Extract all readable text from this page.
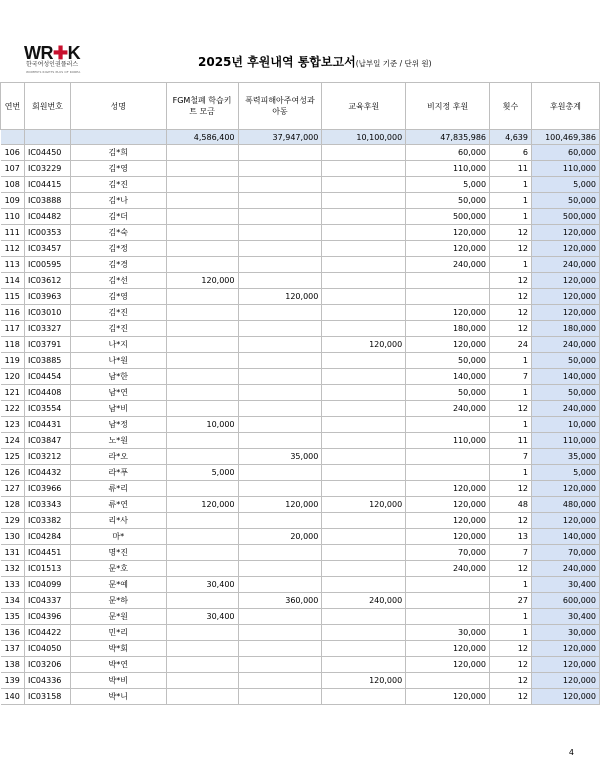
WR✚K
한국여성인권플러스
WOMEN'S RIGHTS PLUS OF KOREA
2025년 후원내역 통합보고서(납부일 기준 / 단위 원)
연번	회원번호	성명	FGM철폐 학습키트 모금	폭력피해아주여성과 아동	교육후원	비지정 후원	횟수	후원총계
			4,586,400	37,947,000	10,100,000	47,835,986	4,639	100,469,386
106	IC04450	김*희				60,000	6	60,000
107	IC03229	김*영				110,000	11	110,000
108	IC04415	김*진				5,000	1	5,000
109	IC03888	김*나				50,000	1	50,000
110	IC04482	김*더				500,000	1	500,000
111	IC00353	김*숙				120,000	12	120,000
112	IC03457	김*정				120,000	12	120,000
113	IC00595	김*경				240,000	1	240,000
114	IC03612	김*선	120,000				12	120,000
115	IC03963	김*영		120,000			12	120,000
116	IC03010	김*진				120,000	12	120,000
117	IC03327	김*진				180,000	12	180,000
118	IC03791	나*지			120,000	120,000	24	240,000
119	IC03885	나*원				50,000	1	50,000
120	IC04454	남*한				140,000	7	140,000
121	IC04408	남*연				50,000	1	50,000
122	IC03554	남*비				240,000	12	240,000
123	IC04431	남*정	10,000				1	10,000
124	IC03847	노*원				110,000	11	110,000
125	IC03212	라*오		35,000			7	35,000
126	IC04432	라*푸	5,000				1	5,000
127	IC03966	류*리				120,000	12	120,000
128	IC03343	류*연	120,000	120,000	120,000	120,000	48	480,000
129	IC03382	리*사				120,000	12	120,000
130	IC04284	마*		20,000		120,000	13	140,000
131	IC04451	명*진				70,000	7	70,000
132	IC01513	문*호				240,000	12	240,000
133	IC04099	문*예	30,400				1	30,400
134	IC04337	문*하		360,000	240,000		27	600,000
135	IC04396	문*원	30,400				1	30,400
136	IC04422	민*리				30,000	1	30,000
137	IC04050	박*회				120,000	12	120,000
138	IC03206	박*연				120,000	12	120,000
139	IC04336	박*비			120,000		12	120,000
140	IC03158	박*니				120,000	12	120,000
4
